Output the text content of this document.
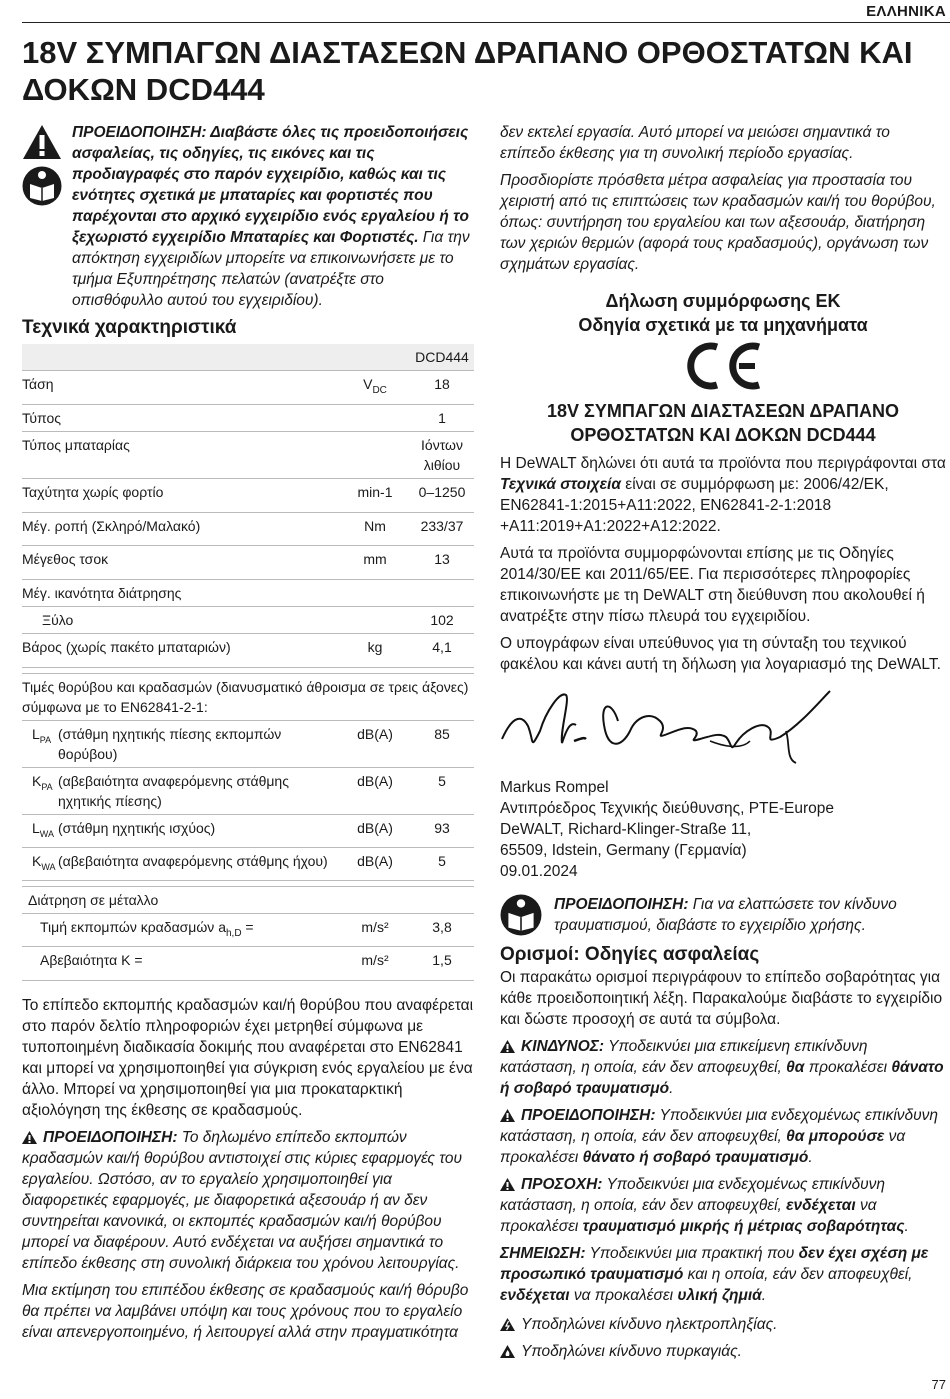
ΕΛΛΗΝΙΚΑ
18V ΣΥΜΠΑΓΩΝ ΔΙΑΣΤΑΣΕΩΝ ΔΡΑΠΑΝΟ ΟΡΘΟΣΤΑΤΩΝ ΚΑΙ ΔΟΚΩΝ DCD444
ΠΡΟΕΙΔΟΠΟΙΗΣΗ: Διαβάστε όλες τις προειδοποιήσεις ασφαλείας, τις οδηγίες, τις εικόνες και τις προδιαγραφές στο παρόν εγχειρίδιο, καθώς και τις ενότητες σχετικά με μπαταρίες και φορτιστές που παρέχονται στο αρχικό εγχειρίδιο ενός εργαλείου ή το ξεχωριστό εγχειρίδιο Μπαταρίες και Φορτιστές. Για την απόκτηση εγχειριδίων μπορείτε να επικοινωνήσετε με το τμήμα Εξυπηρέτησης πελατών (ανατρέξτε στο οπισθόφυλλο αυτού του εγχειριδίου).
Τεχνικά χαρακτηριστικά
		DCD444
Τάση	$V_{DC}$	18
Τύπος		1
Τύπος μπαταρίας		Ιόντων λιθίου
Ταχύτητα χωρίς φορτίο	min-1	0–1250
Μέγ. ροπή (Σκληρό/Μαλακό)	Nm	233/37
Μέγεθος τσοκ	mm	13
Μέγ. ικανότητα διάτρησης		
Ξύλο		102
Βάρος (χωρίς πακέτο μπαταριών)	kg	4,1

Τιμές θορύβου και κραδασμών (διανυσματικό άθροισμα σε τρεις άξονες) σύμφωνα με το EN62841-2-1:		

$L_{PA}$ (στάθμη ηχητικής πίεσης εκπομπών θορύβου)	dB(A)	85

$K_{PA}$ (αβεβαιότητα αναφερόμενης στάθμης ηχητικής πίεσης)	dB(A)	5

$L_{WA}$ (στάθμη ηχητικής ισχύος)	dB(A)	93

$K_{WA}$ (αβεβαιότητα αναφερόμενης στάθμης ήχου)	dB(A)	5

Διάτρηση σε μέταλλο		
Τιμή εκπομπών κραδασμών $a_{h,D}$ =	m/s²	3,8
Αβεβαιότητα K =	m/s²	1,5

Το επίπεδο εκπομπής κραδασμών και/ή θορύβου που αναφέρεται στο παρόν δελτίο πληροφοριών έχει μετρηθεί σύμφωνα με τυποποιημένη διαδικασία δοκιμής που αναφέρεται στο EN62841 και μπορεί να χρησιμοποιηθεί για σύγκριση ενός εργαλείου με ένα άλλο. Μπορεί να χρησιμοποιηθεί για μια προκαταρκτική αξιολόγηση της έκθεσης σε κραδασμούς.

ΠΡΟΕΙΔΟΠΟΙΗΣΗ: Το δηλωμένο επίπεδο εκπομπών κραδασμών και/ή θορύβου αντιστοιχεί στις κύριες εφαρμογές του εργαλείου. Ωστόσο, αν το εργαλείο χρησιμοποιηθεί για διαφορετικές εφαρμογές, με διαφορετικά αξεσουάρ ή αν δεν συντηρείται κανονικά, οι εκπομπές κραδασμών και/ή θορύβου μπορεί να διαφέρουν. Αυτό ενδέχεται να αυξήσει σημαντικά το επίπεδο έκθεσης στη συνολική διάρκεια του χρόνου λειτουργίας.

Μια εκτίμηση του επιπέδου έκθεσης σε κραδασμούς και/ή θόρυβο θα πρέπει να λαμβάνει υπόψη και τους χρόνους που το εργαλείο είναι απενεργοποιημένο, ή λειτουργεί αλλά στην πραγματικότητα

δεν εκτελεί εργασία. Αυτό μπορεί να μειώσει σημαντικά το επίπεδο έκθεσης για τη συνολική περίοδο εργασίας.

Προσδιορίστε πρόσθετα μέτρα ασφαλείας για προστασία του χειριστή από τις επιπτώσεις των κραδασμών και/ή του θορύβου, όπως: συντήρηση του εργαλείου και των αξεσουάρ, διατήρηση των χεριών θερμών (αφορά τους κραδασμούς), οργάνωση των σχημάτων εργασίας.

Δήλωση συμμόρφωσης ΕΚ
Οδηγία σχετικά με τα μηχανήματα
18V ΣΥΜΠΑΓΩΝ ΔΙΑΣΤΑΣΕΩΝ ΔΡΑΠΑΝΟ ΟΡΘΟΣΤΑΤΩΝ ΚΑΙ ΔΟΚΩΝ DCD444

Η DeWALT δηλώνει ότι αυτά τα προϊόντα που περιγράφονται στα Τεχνικά στοιχεία είναι σε συμμόρφωση με: 2006/42/EK, EN62841-1:2015+A11:2022, EN62841-2-1:2018 +A11:2019+A1:2022+A12:2022.

Αυτά τα προϊόντα συμμορφώνονται επίσης με τις Οδηγίες 2014/30/ΕΕ και 2011/65/ΕΕ. Για περισσότερες πληροφορίες επικοινωνήστε με τη DeWALT στη διεύθυνση που ακολουθεί ή ανατρέξτε στην πίσω πλευρά του εγχειριδίου.

Ο υπογράφων είναι υπεύθυνος για τη σύνταξη του τεχνικού φακέλου και κάνει αυτή τη δήλωση για λογαριασμό της DeWALT.

Markus Rompel
Αντιπρόεδρος Τεχνικής διεύθυνσης, PTE-Europe
DeWALT, Richard-Klinger-Straße 11,
65509, Idstein, Germany (Γερμανία)
09.01.2024
ΠΡΟΕΙΔΟΠΟΙΗΣΗ: Για να ελαττώσετε τον κίνδυνο τραυματισμού, διαβάστε το εγχειρίδιο χρήσης.
Ορισμοί: Οδηγίες ασφαλείας

Οι παρακάτω ορισμοί περιγράφουν το επίπεδο σοβαρότητας για κάθε προειδοποιητική λέξη. Παρακαλούμε διαβάστε το εγχειρίδιο και δώστε προσοχή σε αυτά τα σύμβολα.

ΚΙΝΔΥΝΟΣ: Υποδεικνύει μια επικείμενη επικίνδυνη κατάσταση, η οποία, εάν δεν αποφευχθεί, θα προκαλέσει θάνατο ή σοβαρό τραυματισμό.

ΠΡΟΕΙΔΟΠΟΙΗΣΗ: Υποδεικνύει μια ενδεχομένως επικίνδυνη κατάσταση, η οποία, εάν δεν αποφευχθεί, θα μπορούσε να προκαλέσει θάνατο ή σοβαρό τραυματισμό.

ΠΡΟΣΟΧΗ: Υποδεικνύει μια ενδεχομένως επικίνδυνη κατάσταση, η οποία, εάν δεν αποφευχθεί, ενδέχεται να προκαλέσει τραυματισμό μικρής ή μέτριας σοβαρότητας.

ΣΗΜΕΙΩΣΗ: Υποδεικνύει μια πρακτική που δεν έχει σχέση με προσωπικό τραυματισμό και η οποία, εάν δεν αποφευχθεί, ενδέχεται να προκαλέσει υλική ζημιά.

Υποδηλώνει κίνδυνο ηλεκτροπληξίας.

Υποδηλώνει κίνδυνο πυρκαγιάς.

77
